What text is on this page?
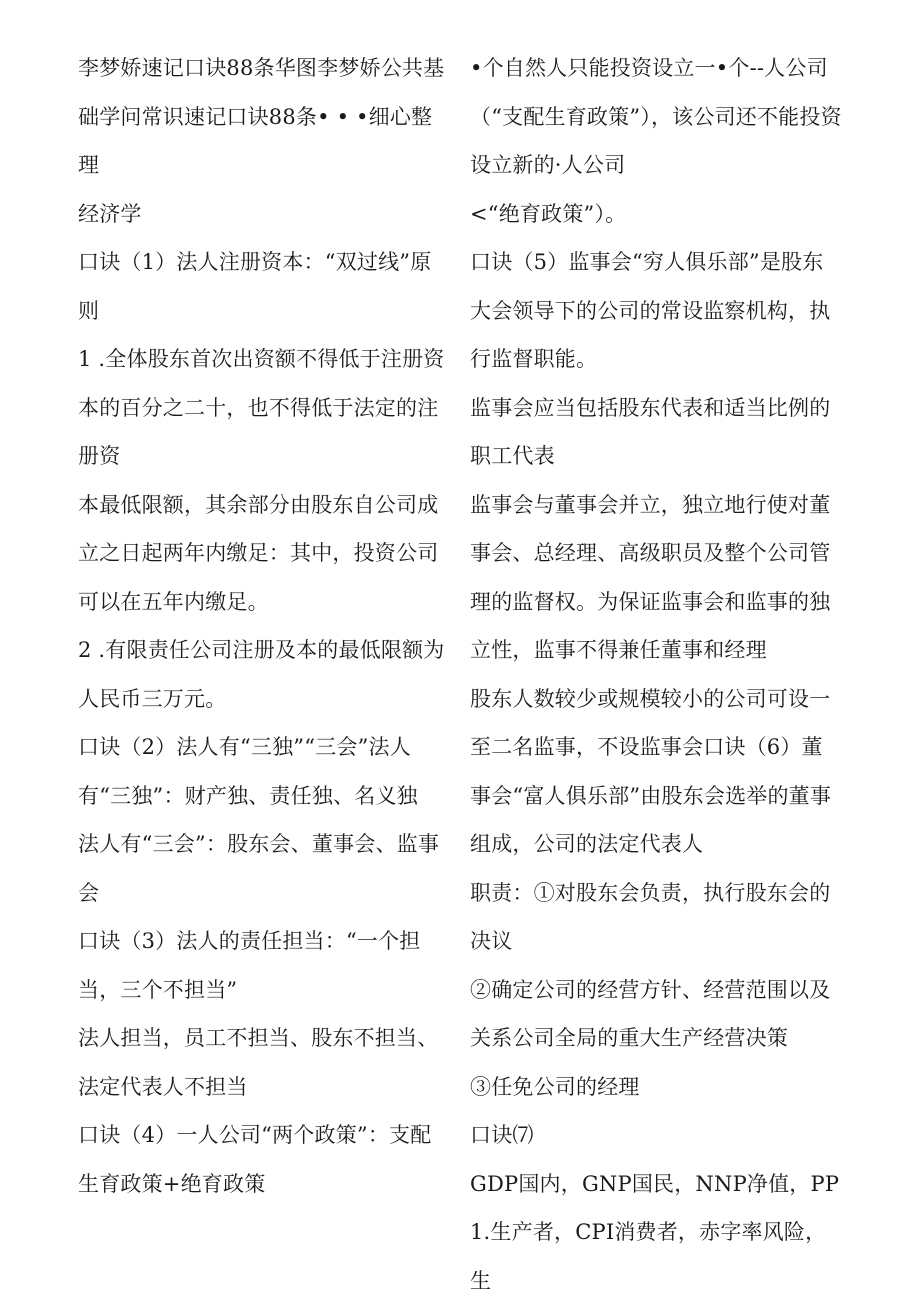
李梦娇速记口诀88条华图李梦娇公共基础学问常识速记口诀88条• • •细心整理

经济学

口诀（1）法人注册资本：“双过线”原则

1 .全体股东首次出资额不得低于注册资本的百分之二十，也不得低于法定的注册资

本最低限额，其余部分由股东自公司成立之日起两年内缴足：其中，投资公司可以在五年内缴足。

2 .有限责任公司注册及本的最低限额为人民币三万元。

口诀（2）法人有“三独”“三会”法人有“三独”：财产独、责任独、名义独

法人有“三会”：股东会、董事会、监事会

口诀（3）法人的责任担当：“一个担当，三个不担当”

法人担当，员工不担当、股东不担当、法定代表人不担当

口诀（4）一人公司“两个政策”：支配生育政策+绝育政策

•个自然人只能投资设立一•个--人公司（“支配生育政策”），该公司还不能投资设立新的·人公司

<“绝育政策”）。

口诀（5）监事会“穷人俱乐部”是股东大会领导下的公司的常设监察机构，执行监督职能。

监事会应当包括股东代表和适当比例的职工代表

监事会与董事会并立，独立地行使对董事会、总经理、高级职员及整个公司管理的监督权。为保证监事会和监事的独立性，监事不得兼任董事和经理

股东人数较少或规模较小的公司可设一至二名监事，不设监事会口诀（6）董事会“富人俱乐部”由股东会选举的董事组成，公司的法定代表人

职责：①对股东会负责，执行股东会的决议

②确定公司的经营方针、经营范围以及关系公司全局的重大生产经营决策

③任免公司的经理

口诀⑺

GDP国内，GNP国民，NNP净值，PP1.生产者，CPI消费者，赤字率风险，生
